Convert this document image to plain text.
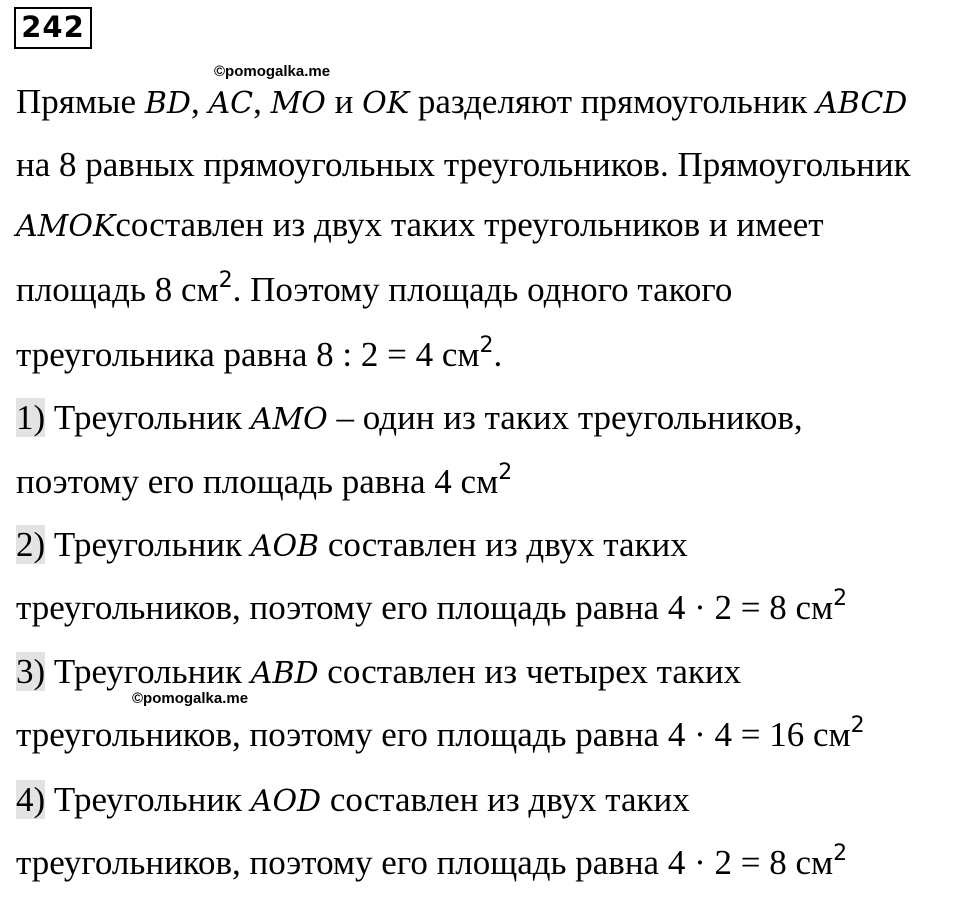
242
©pomogalka.me
©pomogalka.me
Прямые BD, AC, MO и OK разделяют прямоугольник ABCD
на 8 равных прямоугольных треугольников. Прямоугольник
AMOKсоставлен из двух таких треугольников и имеет
площадь 8 $см^2$. Поэтому площадь одного такого
треугольника равна 8 : 2 = 4 $см^2$.
1) Треугольник AMO – один из таких треугольников,
поэтому его площадь равна 4 $см^2$
2) Треугольник AOB составлен из двух таких
треугольников, поэтому его площадь равна 4 · 2 = 8 $см^2$
3) Треугольник ABD составлен из четырех таких
треугольников, поэтому его площадь равна 4 · 4 = 16 $см^2$
4) Треугольник AOD составлен из двух таких
треугольников, поэтому его площадь равна 4 · 2 = 8 $см^2$
